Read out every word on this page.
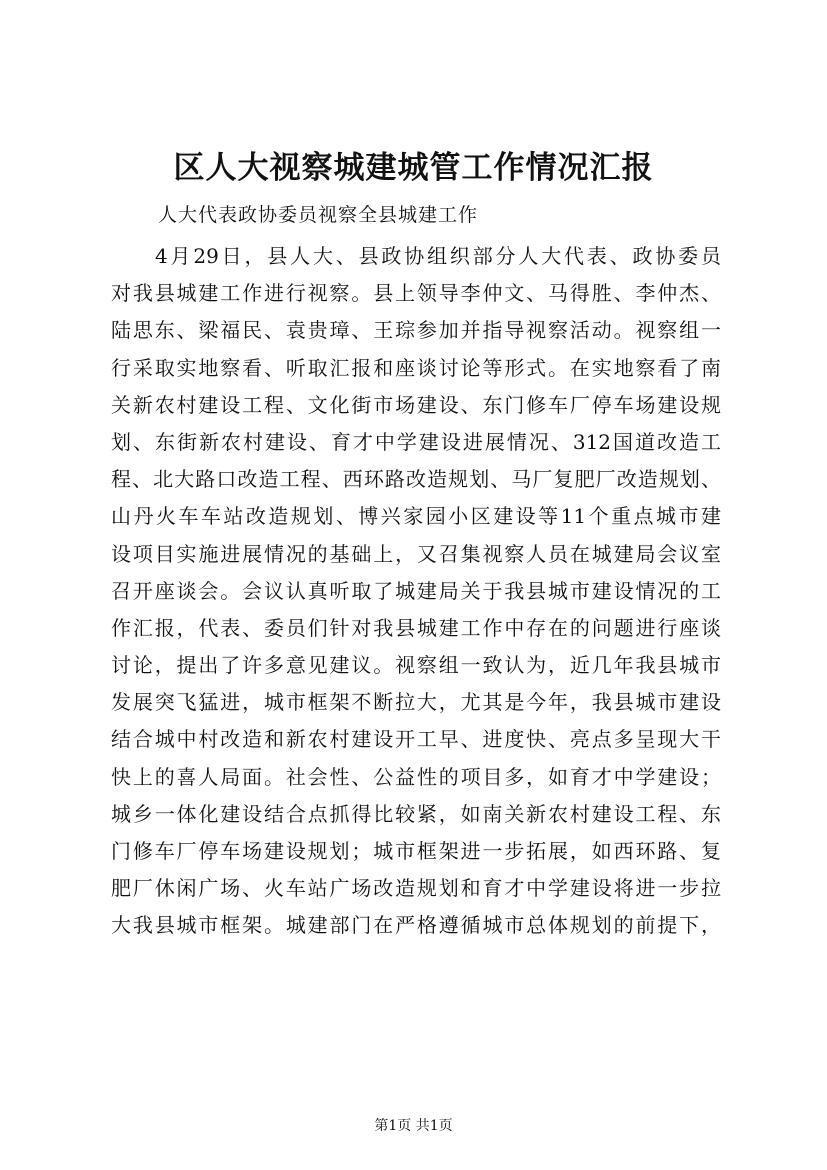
区人大视察城建城管工作情况汇报

人大代表政协委员视察全县城建工作

4月29日，县人大、县政协组织部分人大代表、政协委员
对我县城建工作进行视察。县上领导李仲文、马得胜、李仲杰、
陆思东、梁福民、袁贵璋、王琮参加并指导视察活动。视察组一
行采取实地察看、听取汇报和座谈讨论等形式。在实地察看了南
关新农村建设工程、文化街市场建设、东门修车厂停车场建设规
划、东街新农村建设、育才中学建设进展情况、312国道改造工
程、北大路口改造工程、西环路改造规划、马厂复肥厂改造规划、
山丹火车车站改造规划、博兴家园小区建设等11个重点城市建
设项目实施进展情况的基础上，又召集视察人员在城建局会议室
召开座谈会。会议认真听取了城建局关于我县城市建设情况的工
作汇报，代表、委员们针对我县城建工作中存在的问题进行座谈
讨论，提出了许多意见建议。视察组一致认为，近几年我县城市
发展突飞猛进，城市框架不断拉大，尤其是今年，我县城市建设
结合城中村改造和新农村建设开工早、进度快、亮点多呈现大干
快上的喜人局面。社会性、公益性的项目多，如育才中学建设；
城乡一体化建设结合点抓得比较紧，如南关新农村建设工程、东
门修车厂停车场建设规划；城市框架进一步拓展，如西环路、复
肥厂休闲广场、火车站广场改造规划和育才中学建设将进一步拉
大我县城市框架。城建部门在严格遵循城市总体规划的前提下，
第1页 共1页
